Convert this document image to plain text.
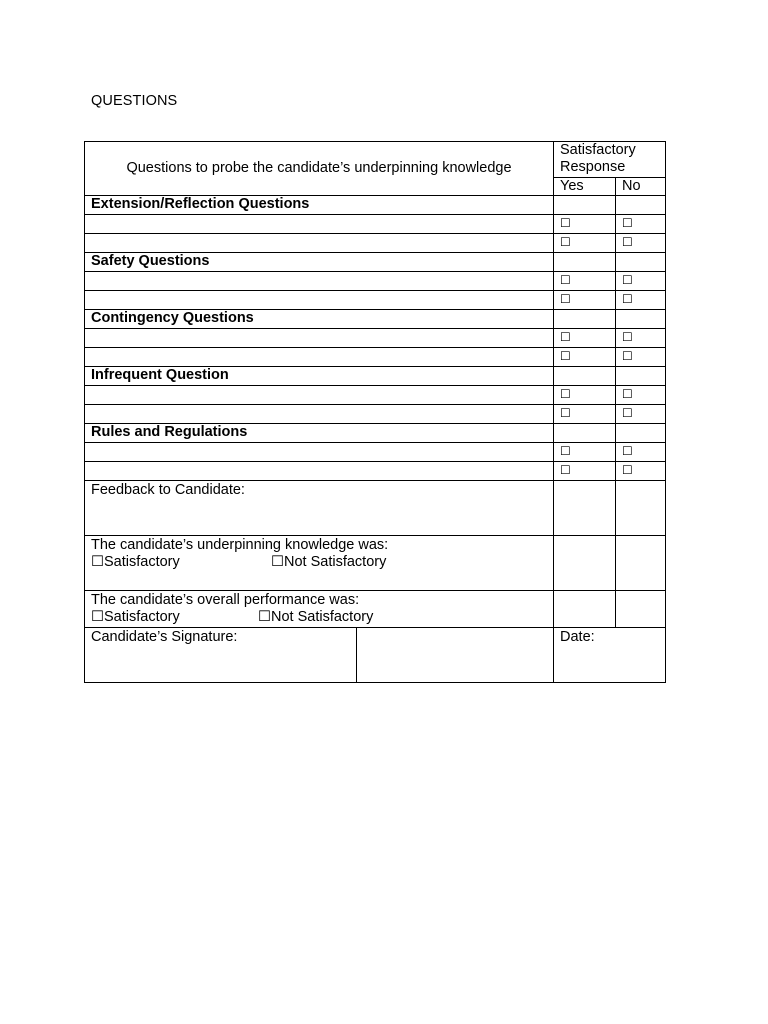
QUESTIONS
Questions to probe the candidate’s underpinning knowledge		Satisfactory Response	
		Yes	No
Extension/Reflection Questions			
		☐	☐
		☐	☐
Safety Questions			
		☐	☐
		☐	☐
Contingency Questions			
		☐	☐
		☐	☐
Infrequent Question			
		☐	☐
		☐	☐
Rules and Regulations			
		☐	☐
		☐	☐
Feedback to Candidate:			

The candidate’s underpinning knowledge was:
☐Satisfactory ☐Not Satisfactory			

The candidate’s overall performance was:
☐Satisfactory ☐Not Satisfactory			

Candidate’s Signature:		Date:	
